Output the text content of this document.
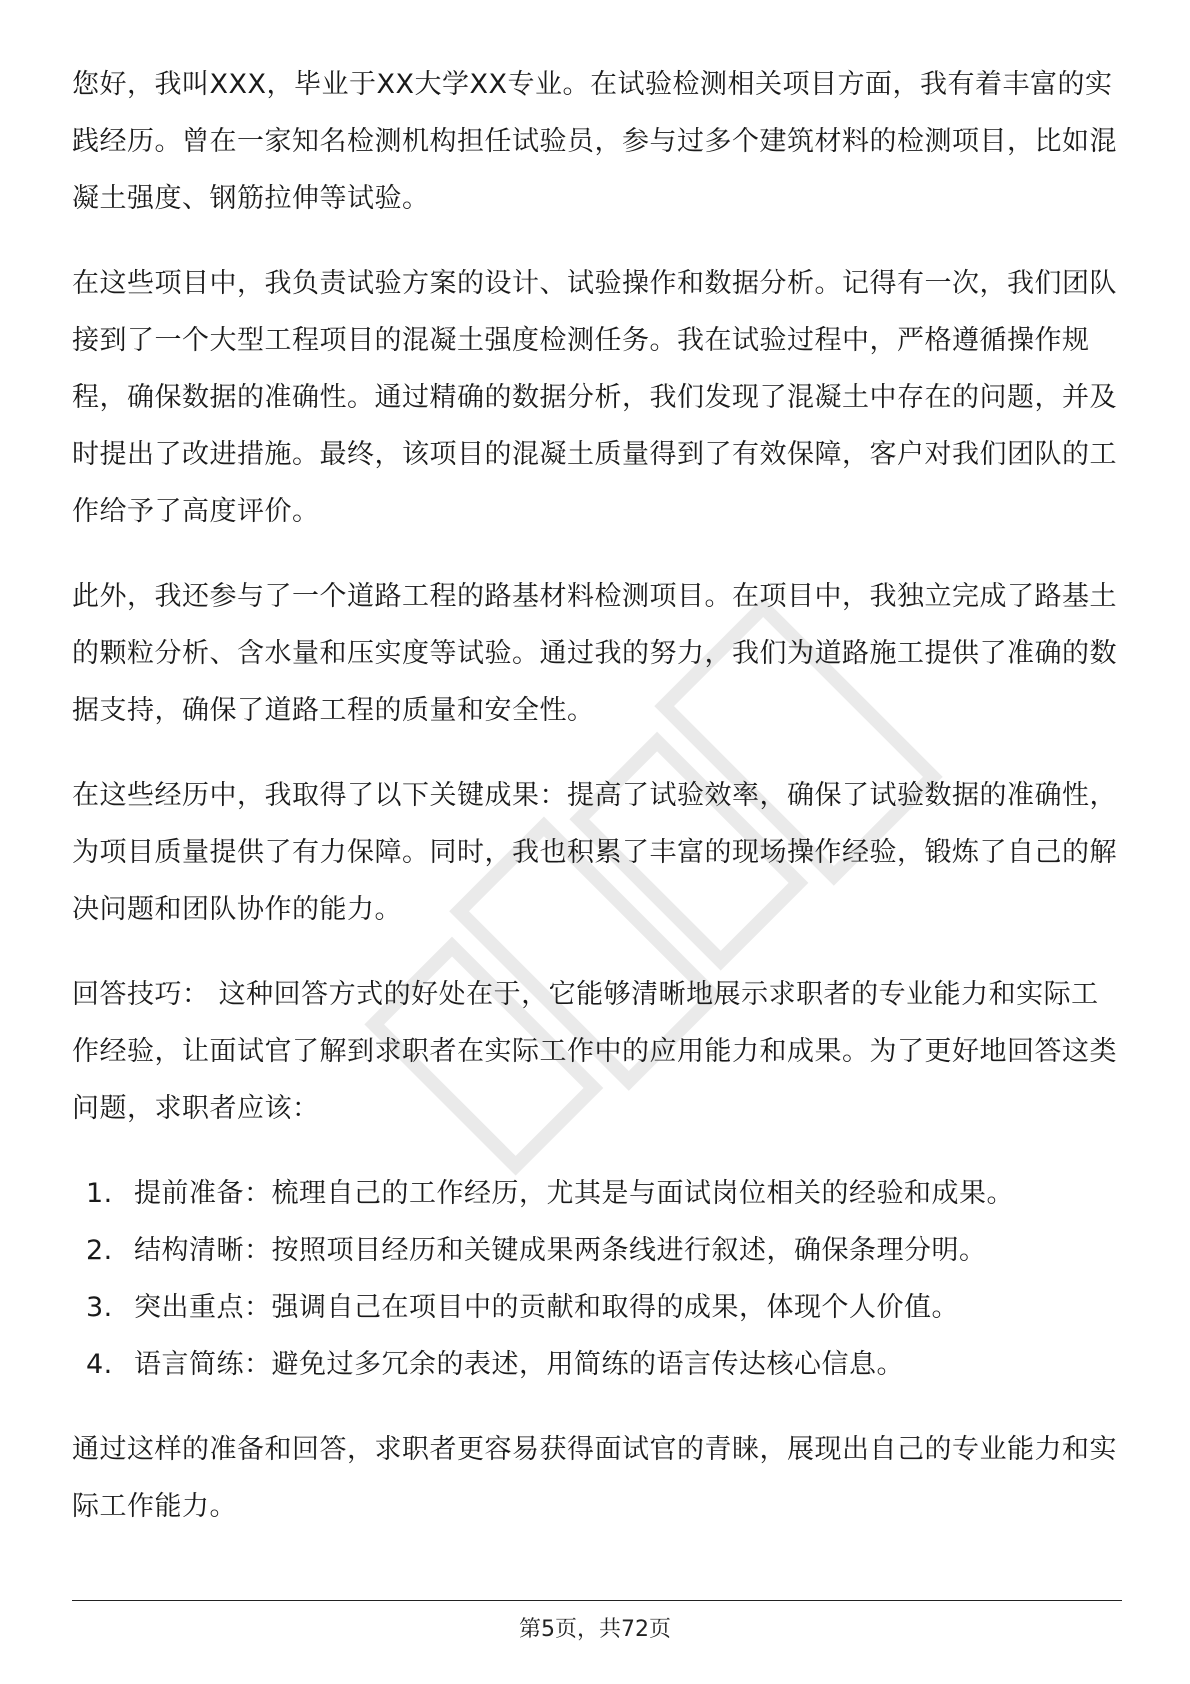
您好，我叫XXX，毕业于XX大学XX专业。在试验检测相关项目方面，我有着丰富的实践经历。曾在一家知名检测机构担任试验员，参与过多个建筑材料的检测项目，比如混凝土强度、钢筋拉伸等试验。

在这些项目中，我负责试验方案的设计、试验操作和数据分析。记得有一次，我们团队接到了一个大型工程项目的混凝土强度检测任务。我在试验过程中，严格遵循操作规程，确保数据的准确性。通过精确的数据分析，我们发现了混凝土中存在的问题，并及时提出了改进措施。最终，该项目的混凝土质量得到了有效保障，客户对我们团队的工作给予了高度评价。

此外，我还参与了一个道路工程的路基材料检测项目。在项目中，我独立完成了路基土的颗粒分析、含水量和压实度等试验。通过我的努力，我们为道路施工提供了准确的数据支持，确保了道路工程的质量和安全性。

在这些经历中，我取得了以下关键成果：提高了试验效率，确保了试验数据的准确性，为项目质量提供了有力保障。同时，我也积累了丰富的现场操作经验，锻炼了自己的解决问题和团队协作的能力。

回答技巧： 这种回答方式的好处在于，它能够清晰地展示求职者的专业能力和实际工作经验，让面试官了解到求职者在实际工作中的应用能力和成果。为了更好地回答这类问题，求职者应该：

1. 提前准备：梳理自己的工作经历，尤其是与面试岗位相关的经验和成果。
2. 结构清晰：按照项目经历和关键成果两条线进行叙述，确保条理分明。
3. 突出重点：强调自己在项目中的贡献和取得的成果，体现个人价值。
4. 语言简练：避免过多冗余的表述，用简练的语言传达核心信息。

通过这样的准备和回答，求职者更容易获得面试官的青睐，展现出自己的专业能力和实际工作能力。

第5页，共72页
